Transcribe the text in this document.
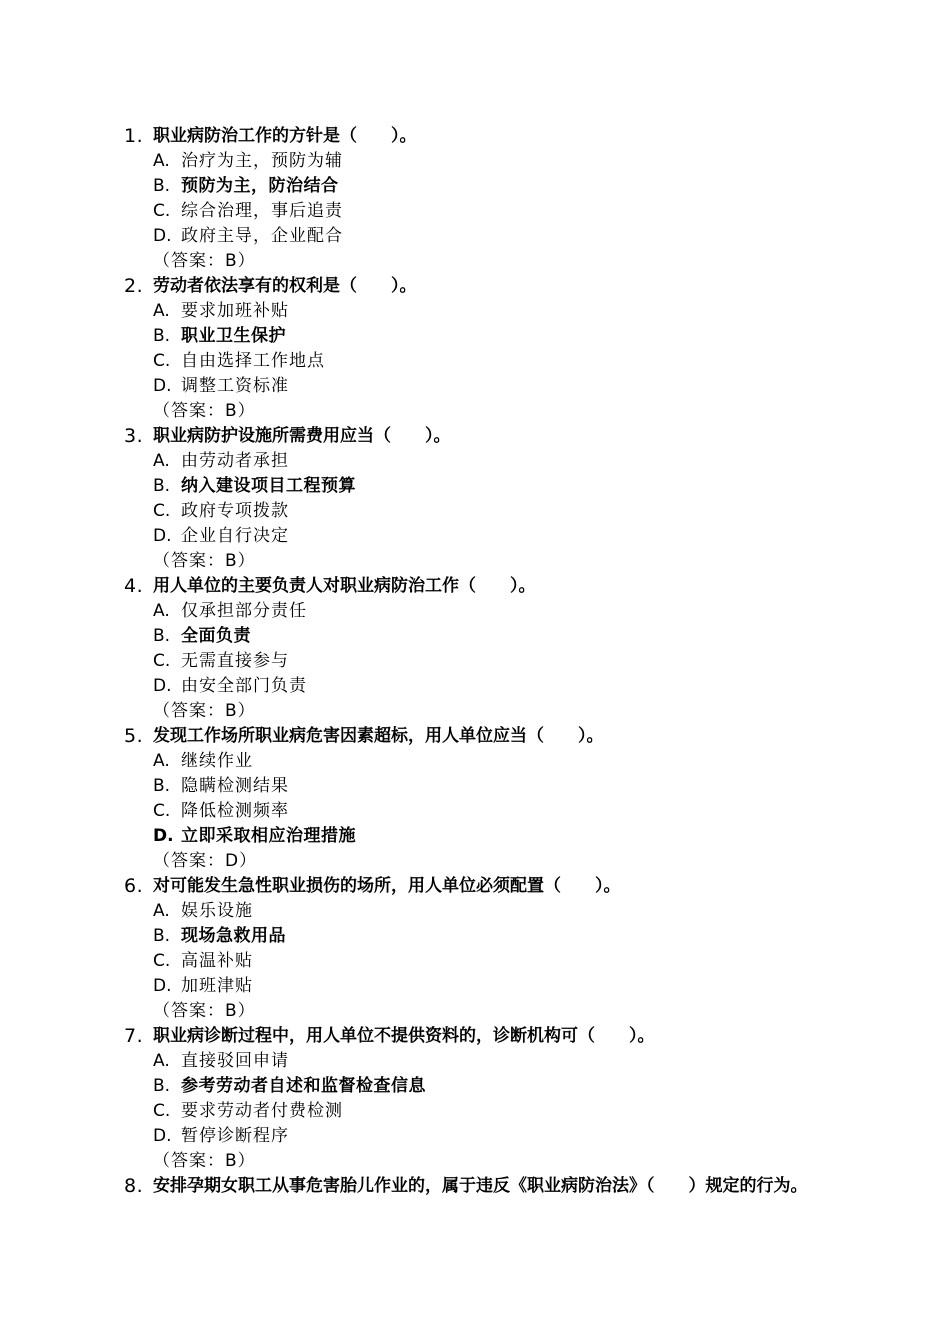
1. 职业病防治工作的方针是（　　）。
A. 治疗为主，预防为辅
B. 预防为主，防治结合
C. 综合治理，事后追责
D. 政府主导，企业配合
（答案：B）
2. 劳动者依法享有的权利是（　　）。
A. 要求加班补贴
B. 职业卫生保护
C. 自由选择工作地点
D. 调整工资标准
（答案：B）
3. 职业病防护设施所需费用应当（　　）。
A. 由劳动者承担
B. 纳入建设项目工程预算
C. 政府专项拨款
D. 企业自行决定
（答案：B）
4. 用人单位的主要负责人对职业病防治工作（　　）。
A. 仅承担部分责任
B. 全面负责
C. 无需直接参与
D. 由安全部门负责
（答案：B）
5. 发现工作场所职业病危害因素超标，用人单位应当（　　）。
A. 继续作业
B. 隐瞒检测结果
C. 降低检测频率
D. 立即采取相应治理措施
（答案：D）
6. 对可能发生急性职业损伤的场所，用人单位必须配置（　　）。
A. 娱乐设施
B. 现场急救用品
C. 高温补贴
D. 加班津贴
（答案：B）
7. 职业病诊断过程中，用人单位不提供资料的，诊断机构可（　　）。
A. 直接驳回申请
B. 参考劳动者自述和监督检查信息
C. 要求劳动者付费检测
D. 暂停诊断程序
（答案：B）
8. 安排孕期女职工从事危害胎儿作业的，属于违反《职业病防治法》（　　）规定的行为。
